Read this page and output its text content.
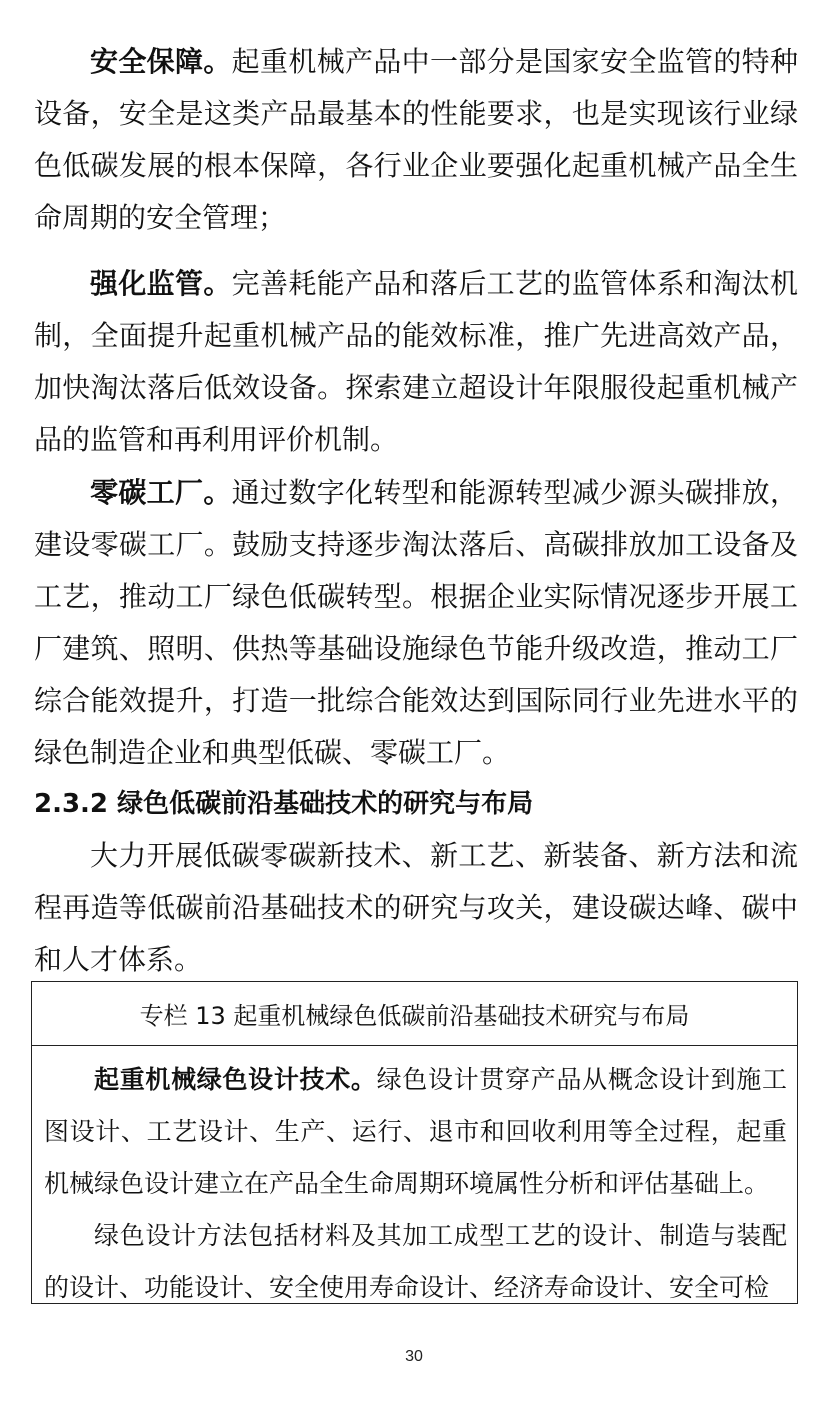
安全保障。起重机械产品中一部分是国家安全监管的特种设备，安全是这类产品最基本的性能要求，也是实现该行业绿色低碳发展的根本保障，各行业企业要强化起重机械产品全生命周期的安全管理；

强化监管。完善耗能产品和落后工艺的监管体系和淘汰机制，全面提升起重机械产品的能效标准，推广先进高效产品，加快淘汰落后低效设备。探索建立超设计年限服役起重机械产品的监管和再利用评价机制。

零碳工厂。通过数字化转型和能源转型减少源头碳排放，建设零碳工厂。鼓励支持逐步淘汰落后、高碳排放加工设备及工艺，推动工厂绿色低碳转型。根据企业实际情况逐步开展工厂建筑、照明、供热等基础设施绿色节能升级改造，推动工厂综合能效提升，打造一批综合能效达到国际同行业先进水平的绿色制造企业和典型低碳、零碳工厂。

2.3.2 绿色低碳前沿基础技术的研究与布局

大力开展低碳零碳新技术、新工艺、新装备、新方法和流程再造等低碳前沿基础技术的研究与攻关，建设碳达峰、碳中和人才体系。

专栏 13 起重机械绿色低碳前沿基础技术研究与布局

起重机械绿色设计技术。绿色设计贯穿产品从概念设计到施工图设计、工艺设计、生产、运行、退市和回收利用等全过程，起重机械绿色设计建立在产品全生命周期环境属性分析和评估基础上。

绿色设计方法包括材料及其加工成型工艺的设计、制造与装配的设计、功能设计、安全使用寿命设计、经济寿命设计、安全可检

30
